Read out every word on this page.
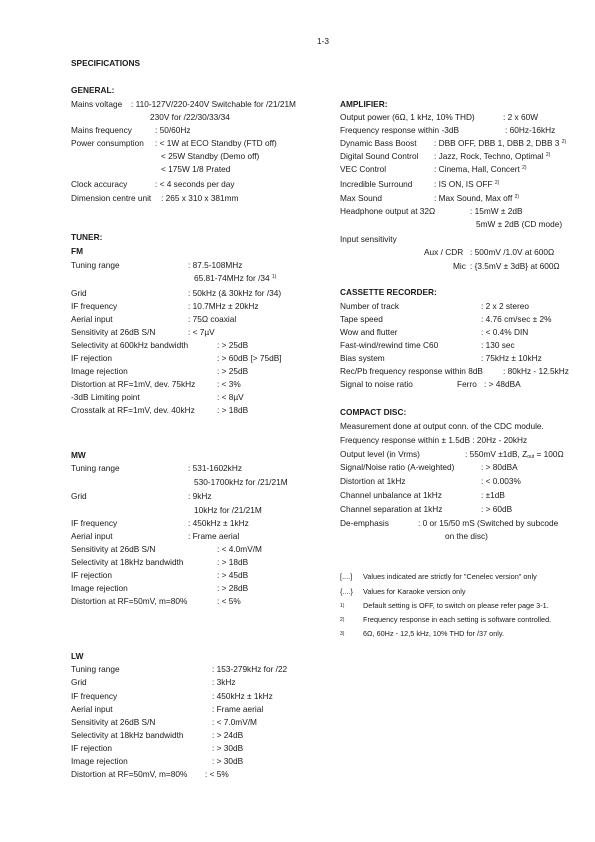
1-3
SPECIFICATIONS
GENERAL:
Mains voltage : 110-127V/220-240V Switchable for /21/21M
230V for /22/30/33/34
Mains frequency	: 50/60Hz
Power consumption : < 1W at ECO Standby (FTD off)
< 25W Standby (Demo off)
< 175W 1/8 Prated
Clock accuracy	: < 4 seconds per day
Dimension centre unit : 265 x 310 x 381mm
TUNER:
FM
Tuning range	: 87.5-108MHz
65.81-74MHz for /34 $^{1)}$
Grid	: 50kHz (& 30kHz for /34)
IF frequency	: 10.7MHz ± 20kHz
Aerial input	: 75Ω coaxial
Sensitivity at 26dB S/N	: < 7µV
Selectivity at 600kHz bandwidth	: > 25dB
IF rejection	: > 60dB [> 75dB]
Image rejection	: > 25dB
Distortion at RF=1mV, dev. 75kHz	: < 3%
-3dB Limiting point	: < 8µV
Crosstalk at RF=1mV, dev. 40kHz	: > 18dB
MW
Tuning range	: 531-1602kHz
530-1700kHz for /21/21M
Grid	: 9kHz
10kHz for /21/21M
IF frequency	: 450kHz ± 1kHz
Aerial input	: Frame aerial
Sensitivity at 26dB S/N	: < 4.0mV/M
Selectivity at 18kHz bandwidth	: > 18dB
IF rejection	: > 45dB
Image rejection	: > 28dB
Distortion at RF=50mV, m=80%	: < 5%
LW
Tuning range	: 153-279kHz for /22
Grid	: 3kHz
IF frequency	: 450kHz ± 1kHz
Aerial input	: Frame aerial
Sensitivity at 26dB S/N	: < 7.0mV/M
Selectivity at 18kHz bandwidth	: > 24dB
IF rejection	: > 30dB
Image rejection	: > 30dB
Distortion at RF=50mV, m=80% : < 5%
AMPLIFIER:
Output power (6Ω, 1 kHz, 10% THD)	: 2 x 60W
Frequency response within -3dB	: 60Hz-16kHz
Dynamic Bass Boost : DBB OFF, DBB 1, DBB 2, DBB 3 $^{2)}$
Digital Sound Control : Jazz, Rock, Techno, Optimal $^{2)}$
VEC Control	: Cinema, Hall, Concert $^{2)}$
Incredible Surround	: IS ON, IS OFF $^{2)}$
Max Sound	: Max Sound, Max off $^{2)}$
Headphone output at 32Ω	: 15mW ± 2dB
5mW ± 2dB (CD mode)
Input sensitivity
Aux / CDR : 500mV /1.0V at 600Ω
Mic : {3.5mV ± 3dB} at 600Ω
CASSETTE RECORDER:
Number of track	: 2 x 2 stereo
Tape speed	: 4.76 cm/sec ± 2%
Wow and flutter	: < 0.4% DIN
Fast-wind/rewind time C60	: 130 sec
Bias system	: 75kHz ± 10kHz
Rec/Pb frequency response within 8dB : 80kHz - 12.5kHz
Signal to noise ratio	Ferro : > 48dBA
COMPACT DISC:
Measurement done at output conn. of the CDC module.
Frequency response within ± 1.5dB : 20Hz - 20kHz
Output level (in Vrms)	: 550mV ±1dB, $Z_{out} = 100\Omega$
Signal/Noise ratio (A-weighted)	: > 80dBA
Distortion at 1kHz	: < 0.003%
Channel unbalance at 1kHz	: ±1dB
Channel separation at 1kHz	: > 60dB
De-emphasis	: 0 or 15/50 mS (Switched by subcode
on the disc)
[....] Values indicated are strictly for "Cenelec version" only
{....} Values for Karaoke version only
1)	Default setting is OFF, to switch on please refer page 3-1.
2)	Frequency response in each setting is software controlled.
3)	6Ω, 60Hz - 12,5 kHz, 10% THD for /37 only.
